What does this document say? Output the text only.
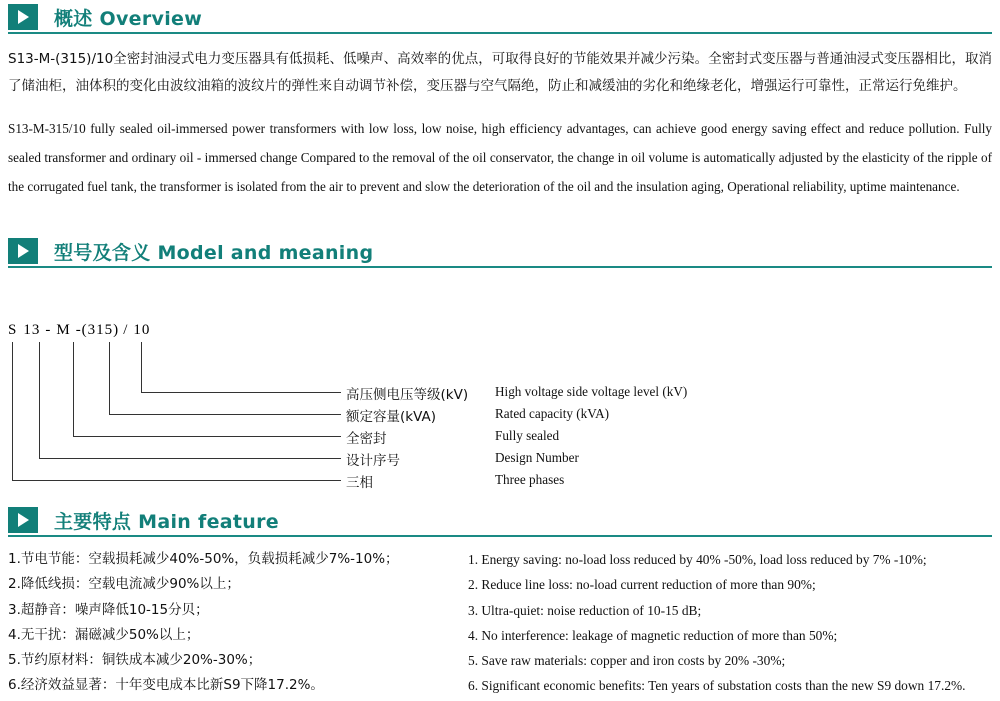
概述 Overview

S13-M-(315)/10全密封油浸式电力变压器具有低损耗、低噪声、高效率的优点，可取得良好的节能效果并减少污染。全密封式变压器与普通油浸式变压器相比，取消了储油柜，油体积的变化由波纹油箱的波纹片的弹性来自动调节补偿，变压器与空气隔绝，防止和减缓油的劣化和绝缘老化，增强运行可靠性，正常运行免维护。

S13-M-315/10 fully sealed oil-immersed power transformers with low loss, low noise, high efficiency advantages, can achieve good energy saving effect and reduce pollution. Fully sealed transformer and ordinary oil - immersed change Compared to the removal of the oil conservator, the change in oil volume is automatically adjusted by the elasticity of the ripple of the corrugated fuel tank, the transformer is isolated from the air to prevent and slow the deterioration of the oil and the insulation aging, Operational reliability, uptime maintenance.

型号及含义 Model and meaning
S 13 - M -(315) / 10
高压侧电压等级(kV) High voltage side voltage level (kV)
额定容量(kVA)	Rated capacity (kVA)
全密封	Fully sealed
设计序号	Design Number
三相	Three phases
主要特点 Main feature
1.节电节能：空载损耗减少40%-50%，负载损耗减少7%-10%；
2.降低线损：空载电流减少90%以上；
3.超静音：噪声降低10-15分贝；
4.无干扰：漏磁减少50%以上；
5.节约原材料：铜铁成本减少20%-30%；
6.经济效益显著：十年变电成本比新S9下降17.2%。
1. Energy saving: no-load loss reduced by 40% -50%, load loss reduced by 7% -10%;
2. Reduce line loss: no-load current reduction of more than 90%;
3. Ultra-quiet: noise reduction of 10-15 dB;
4. No interference: leakage of magnetic reduction of more than 50%;
5. Save raw materials: copper and iron costs by 20% -30%;
6. Significant economic benefits: Ten years of substation costs than the new S9 down 17.2%.
